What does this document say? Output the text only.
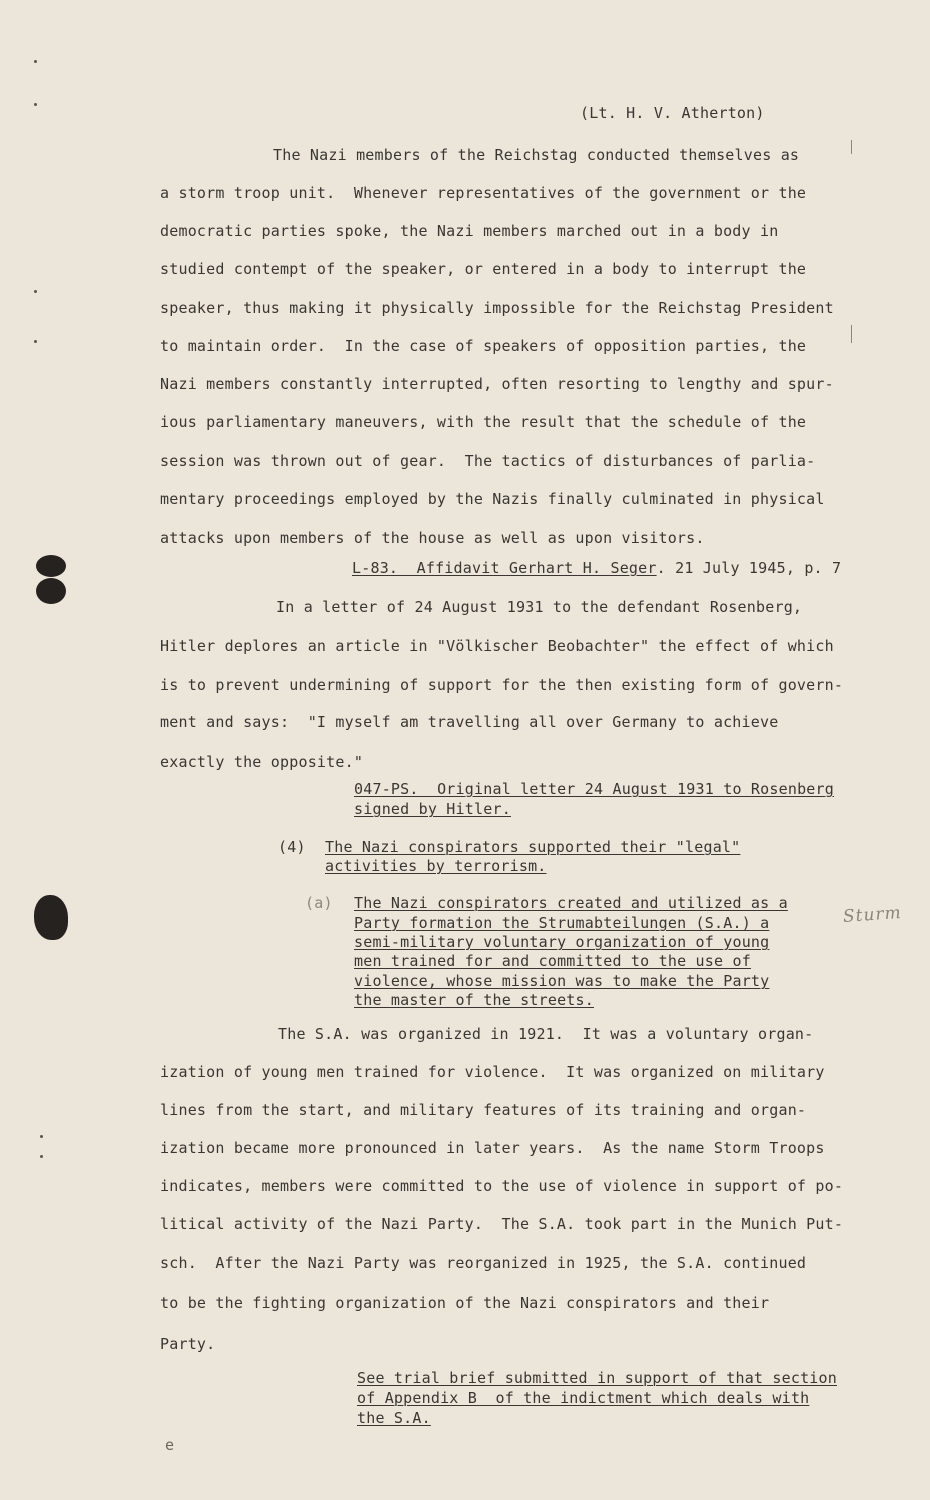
(Lt. H. V. Atherton)
The Nazi members of the Reichstag conducted themselves as
a storm troop unit.  Whenever representatives of the government or the
democratic parties spoke, the Nazi members marched out in a body in
studied contempt of the speaker, or entered in a body to interrupt the
speaker, thus making it physically impossible for the Reichstag President
to maintain order.  In the case of speakers of opposition parties, the
Nazi members constantly interrupted, often resorting to lengthy and spur-
ious parliamentary maneuvers, with the result that the schedule of the
session was thrown out of gear.  The tactics of disturbances of parlia-
mentary proceedings employed by the Nazis finally culminated in physical
attacks upon members of the house as well as upon visitors.
L-83.  Affidavit Gerhart H. Seger. 21 July 1945, p. 7
In a letter of 24 August 1931 to the defendant Rosenberg,
Hitler deplores an article in "Völkischer Beobachter" the effect of which
is to prevent undermining of support for the then existing form of govern-
ment and says:  "I myself am travelling all over Germany to achieve
exactly the opposite."
047-PS.  Original letter 24 August 1931 to Rosenberg
signed by Hitler.
(4) The Nazi conspirators supported their "legal"
activities by terrorism.
(a) The Nazi conspirators created and utilized as a
Party formation the Strumabteilungen (S.A.) a
semi-military voluntary organization of young
men trained for and committed to the use of
violence, whose mission was to make the Party
the master of the streets.
Sturm
The S.A. was organized in 1921.  It was a voluntary organ-
ization of young men trained for violence.  It was organized on military
lines from the start, and military features of its training and organ-
ization became more pronounced in later years.  As the name Storm Troops
indicates, members were committed to the use of violence in support of po-
litical activity of the Nazi Party.  The S.A. took part in the Munich Put-
sch.  After the Nazi Party was reorganized in 1925, the S.A. continued
to be the fighting organization of the Nazi conspirators and their
Party.
See trial brief submitted in support of that section
of Appendix B  of the indictment which deals with
the S.A.
e
